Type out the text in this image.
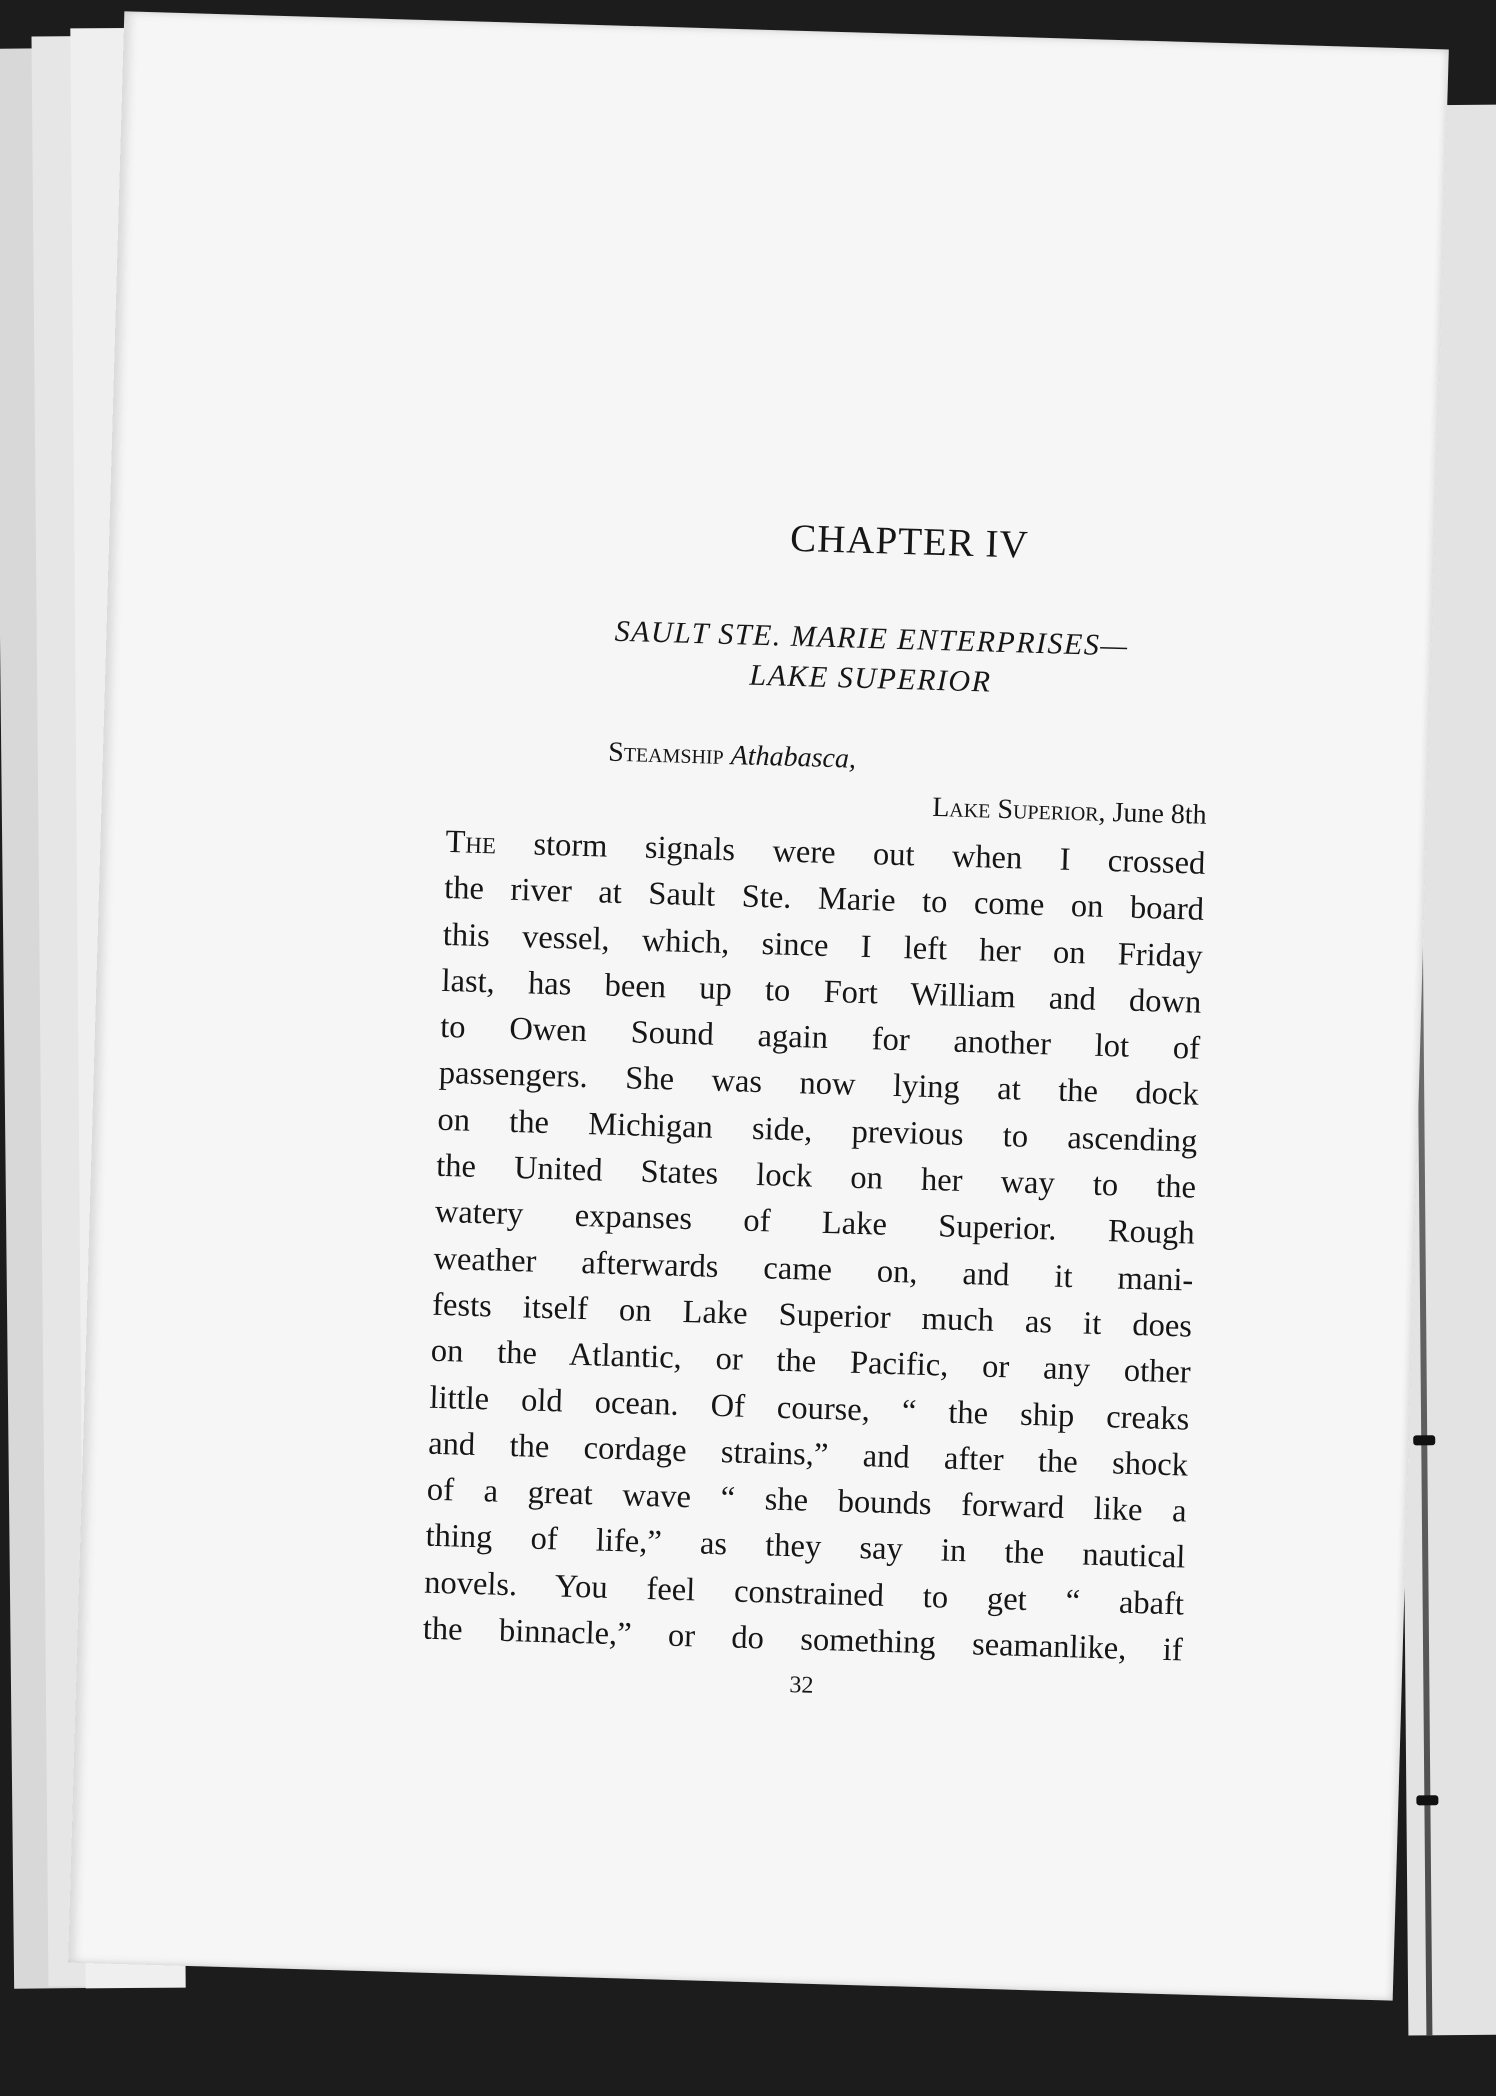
CHAPTER IV
SAULT STE. MARIE ENTERPRISES—
LAKE SUPERIOR
Steamship Athabasca,
Lake Superior, June 8th
The storm signals were out when I crossed
the river at Sault Ste. Marie to come on board
this vessel, which, since I left her on Friday
last, has been up to Fort William and down
to Owen Sound again for another lot of
passengers. She was now lying at the dock
on the Michigan side, previous to ascending
the United States lock on her way to the
watery expanses of Lake Superior. Rough
weather afterwards came on, and it mani-
fests itself on Lake Superior much as it does
on the Atlantic, or the Pacific, or any other
little old ocean. Of course, “ the ship creaks
and the cordage strains,” and after the shock
of a great wave “ she bounds forward like a
thing of life,” as they say in the nautical
novels. You feel constrained to get “ abaft
the binnacle,” or do something seamanlike, if
32
